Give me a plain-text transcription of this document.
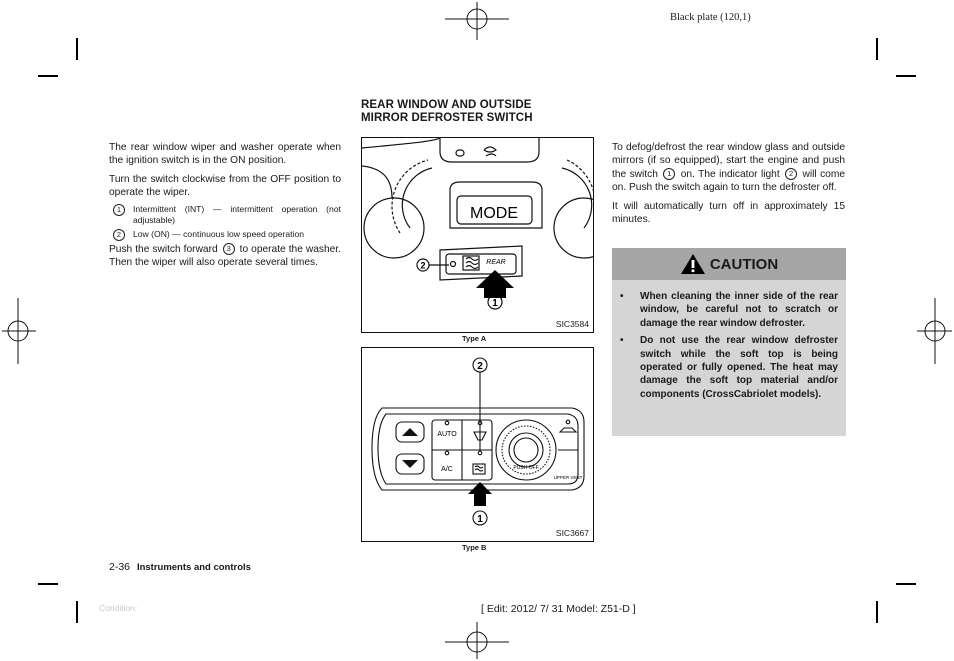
Black plate (120,1)

The rear window wiper and washer operate when the ignition switch is in the ON position.

Turn the switch clockwise from the OFF position to operate the wiper.

1	Intermittent (INT) — intermittent operation (not adjustable)
2	Low (ON) — continuous low speed operation

Push the switch forward 3 to operate the washer. Then the wiper will also operate several times.

REAR WINDOW AND OUTSIDE
MIRROR DEFROSTER SWITCH
2
1
MODE
REAR
SIC3584
Type A
2
1
AUTO
A/C	PUSH OFF
UPPER VENT
SIC3667
Type B

To defog/defrost the rear window glass and outside mirrors (if so equipped), start the engine and push the switch 1 on. The indicator light 2 will come on. Push the switch again to turn the defroster off.

It will automatically turn off in approximately 15 minutes.

CAUTION
•	When cleaning the inner side of the rear window, be careful not to scratch or damage the rear window defroster.
•	Do not use the rear window defroster switch while the soft top is being operated or fully opened. The heat may damage the soft top material and/or components (CrossCabriolet models).
2-36 Instruments and controls
Condition:	[ Edit: 2012/ 7/ 31 Model: Z51-D ]
